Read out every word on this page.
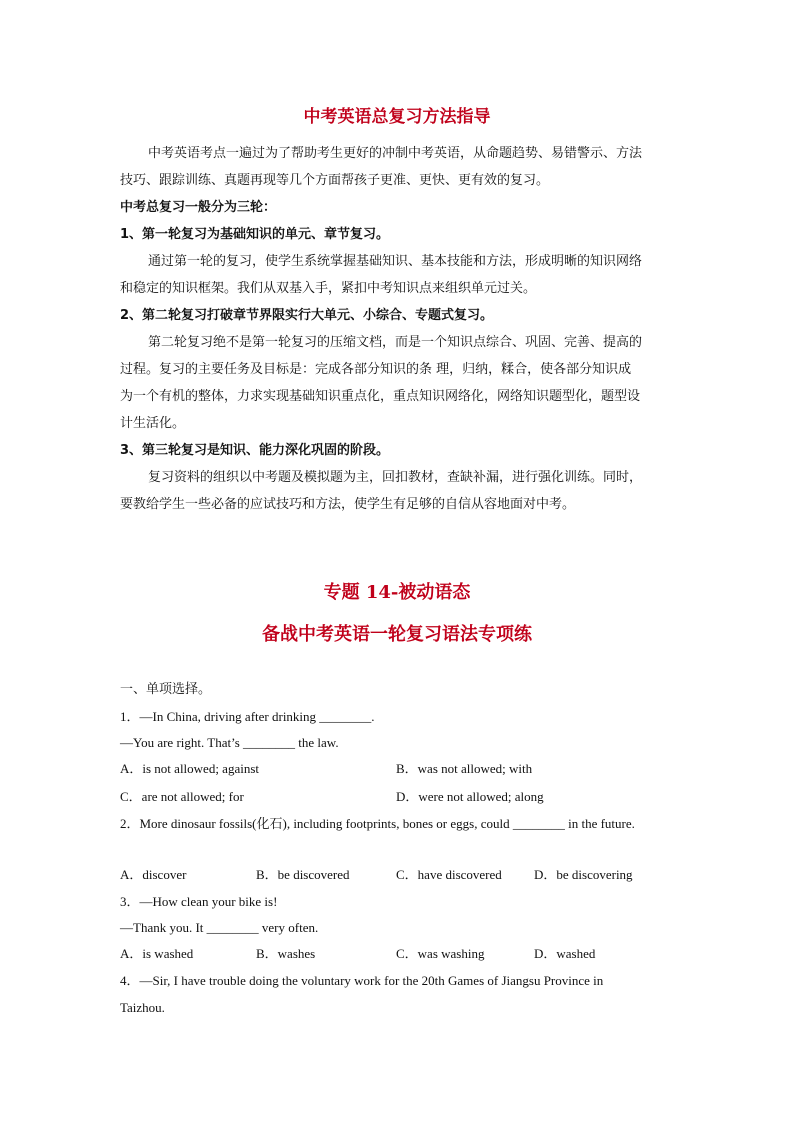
中考英语总复习方法指导
中考英语考点一遍过为了帮助考生更好的冲制中考英语，从命题趋势、易错警示、方法
技巧、跟踪训练、真题再现等几个方面帮孩子更准、更快、更有效的复习。
中考总复习一般分为三轮：
1、第一轮复习为基础知识的单元、章节复习。
通过第一轮的复习，使学生系统掌握基础知识、基本技能和方法，形成明晰的知识网络
和稳定的知识框架。我们从双基入手，紧扣中考知识点来组织单元过关。
2、第二轮复习打破章节界限实行大单元、小综合、专题式复习。
第二轮复习绝不是第一轮复习的压缩文档，而是一个知识点综合、巩固、完善、提高的
过程。复习的主要任务及目标是：完成各部分知识的条 理，归纳，糅合，使各部分知识成
为一个有机的整体，力求实现基础知识重点化，重点知识网络化，网络知识题型化，题型设
计生活化。
3、第三轮复习是知识、能力深化巩固的阶段。
复习资料的组织以中考题及模拟题为主，回扣教材，查缺补漏，进行强化训练。同时，
要教给学生一些必备的应试技巧和方法，使学生有足够的自信从容地面对中考。
专题 14-被动语态
备战中考英语一轮复习语法专项练
一、单项选择。
1．—In China, driving after drinking ________.
—You are right. That’s ________ the law.
A．is not allowed; against	B．was not allowed; with
C．are not allowed; for	D．were not allowed; along
2．More dinosaur fossils(化石), including footprints, bones or eggs, could ________ in the future.
A．discover	B．be discovered	C．have discovered D．be discovering
3．—How clean your bike is!
—Thank you. It ________ very often.
A．is washed	B．washes	C．was washing	D．washed
4．—Sir, I have trouble doing the voluntary work for the 20th Games of Jiangsu Province in
Taizhou.
